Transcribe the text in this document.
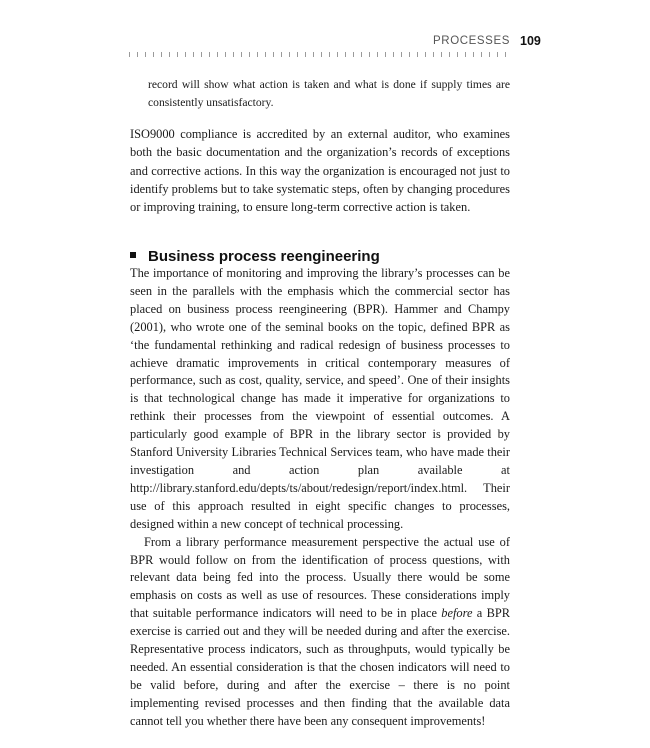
PROCESSES 109
record will show what action is taken and what is done if supply times are consistently unsatisfactory.

ISO9000 compliance is accredited by an external auditor, who examines both the basic documentation and the organization’s records of exceptions and corrective actions. In this way the organization is encouraged not just to identify problems but to take systematic steps, often by changing procedures or improving training, to ensure long-term corrective action is taken.

Business process reengineering

The importance of monitoring and improving the library’s processes can be seen in the parallels with the emphasis which the commercial sector has placed on business process reengineering (BPR). Hammer and Champy (2001), who wrote one of the seminal books on the topic, defined BPR as ‘the fundamental rethinking and radical redesign of business processes to achieve dramatic improvements in critical contemporary measures of performance, such as cost, quality, service, and speed’. One of their insights is that technological change has made it imperative for organizations to rethink their processes from the viewpoint of essential outcomes. A particularly good example of BPR in the library sector is provided by Stanford University Libraries Technical Services team, who have made their investigation and action plan available at http://library.stanford.edu/depts/ts/about/redesign/report/index.html. Their use of this approach resulted in eight specific changes to processes, designed within a new concept of technical processing.

From a library performance measurement perspective the actual use of BPR would follow on from the identification of process questions, with relevant data being fed into the process. Usually there would be some emphasis on costs as well as use of resources. These considerations imply that suitable performance indicators will need to be in place before a BPR exercise is carried out and they will be needed during and after the exercise. Representative process indicators, such as throughputs, would typically be needed. An essential consideration is that the chosen indicators will need to be valid before, during and after the exercise – there is no point implementing revised processes and then finding that the available data cannot tell you whether there have been any consequent improvements!
